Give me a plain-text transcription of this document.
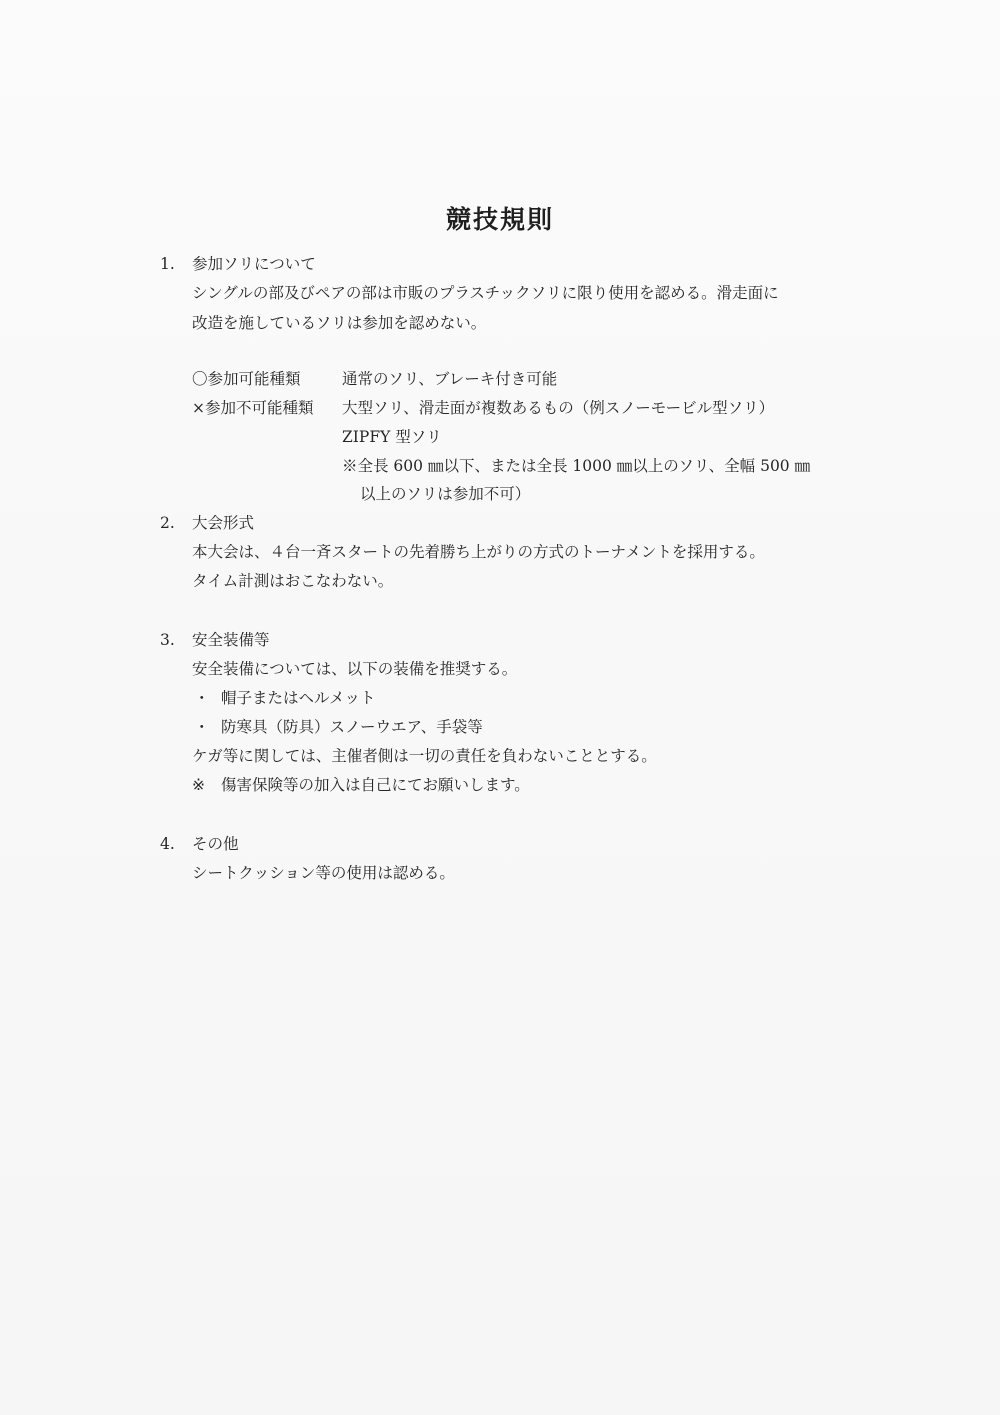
競技規則
1. 参加ソリについて
シングルの部及びペアの部は市販のプラスチックソリに限り使用を認める。滑走面に
改造を施しているソリは参加を認めない。
〇参加可能種類	通常のソリ、ブレーキ付き可能
×参加不可能種類 大型ソリ、滑走面が複数あるもの（例スノーモービル型ソリ）
ZIPFY 型ソリ
※全長 600 ㎜以下、または全長 1000 ㎜以上のソリ、全幅 500 ㎜
以上のソリは参加不可）
2. 大会形式
本大会は、４台一斉スタートの先着勝ち上がりの方式のトーナメントを採用する。
タイム計測はおこなわない。
3. 安全装備等
安全装備については、以下の装備を推奨する。
・ 帽子またはヘルメット
・ 防寒具（防具）スノーウエア、手袋等
ケガ等に関しては、主催者側は一切の責任を負わないこととする。
※ 傷害保険等の加入は自己にてお願いします。
4. その他
シートクッション等の使用は認める。
